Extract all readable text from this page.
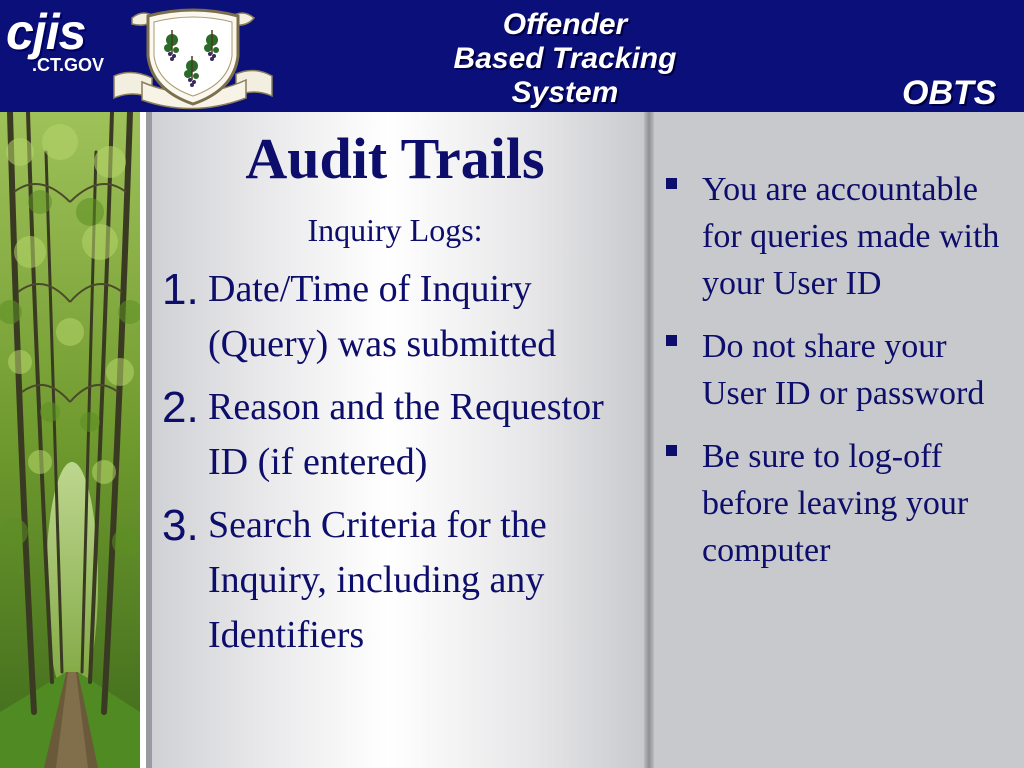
cjis
.CT.GOV
Offender
Based Tracking
System	OBTS
Audit Trails
Inquiry Logs:
1. Date/Time of Inquiry (Query) was submitted
2. Reason and the Requestor ID (if entered)
3. Search Criteria for the Inquiry, including any Identifiers
You are accountable for queries made with your User ID
Do not share your User ID or password
Be sure to log-off before leaving your computer
